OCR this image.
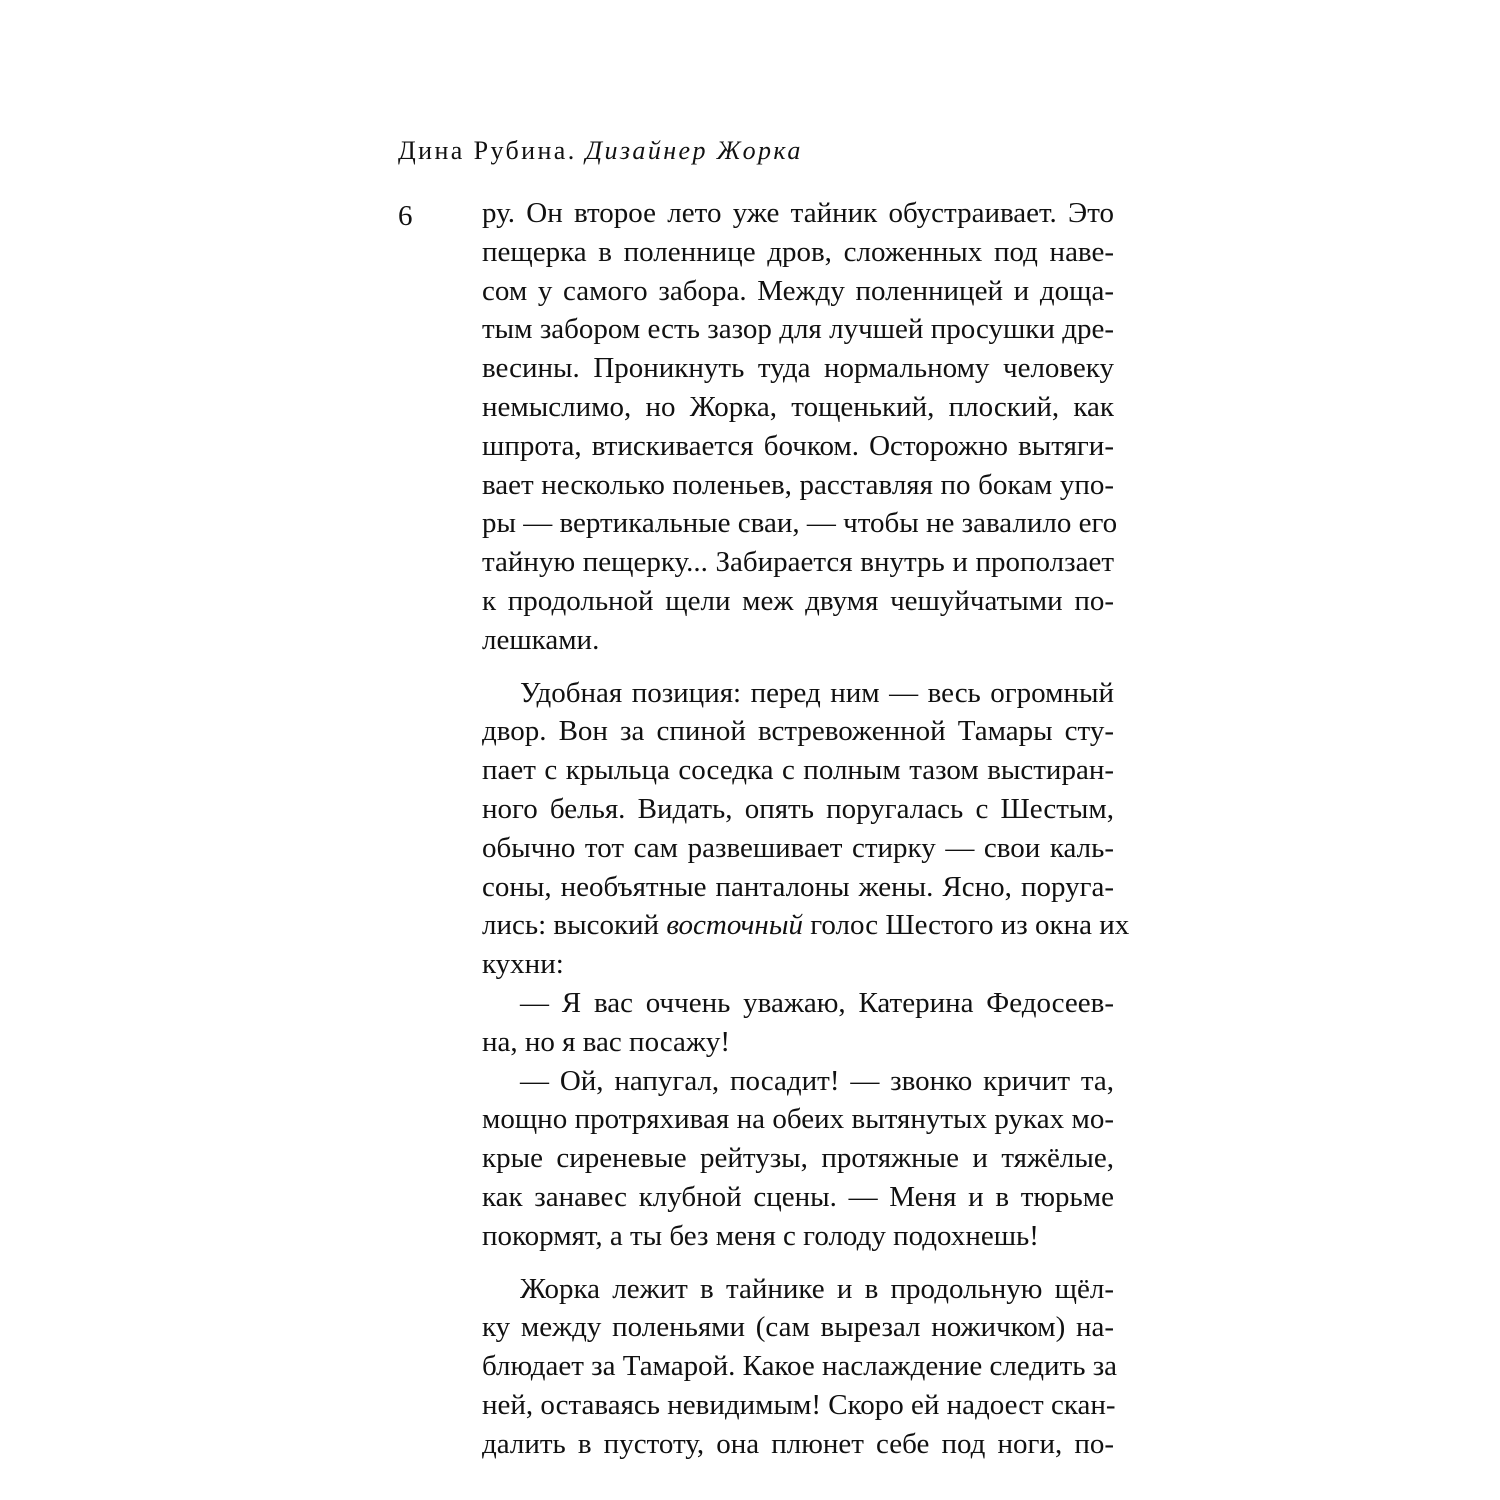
Дина Рубина. Дизайнер Жорка
6 ру. Он второе лето уже тайник обустраивает. Это
пещерка в поленнице дров, сложенных под наве-
сом у самого забора. Между поленницей и доща-
тым забором есть зазор для лучшей просушки дре-
весины. Проникнуть туда нормальному человеку
немыслимо, но Жорка, тощенький, плоский, как
шпрота, втискивается бочком. Осторожно вытяги-
вает несколько поленьев, расставляя по бокам упо-
ры — вертикальные сваи, — чтобы не завалило его
тайную пещерку... Забирается внутрь и проползает
к продольной щели меж двумя чешуйчатыми по-
лешками.
Удобная позиция: перед ним — весь огромный
двор. Вон за спиной встревоженной Тамары сту-
пает с крыльца соседка с полным тазом выстиран-
ного белья. Видать, опять поругалась с Шестым,
обычно тот сам развешивает стирку — свои каль-
соны, необъятные панталоны жены. Ясно, поруга-
лись: высокий восточный голос Шестого из окна их
кухни:
— Я вас оччень уважаю, Катерина Федосеев-
на, но я вас посажу!
— Ой, напугал, посадит! — звонко кричит та,
мощно протряхивая на обеих вытянутых руках мо-
крые сиреневые рейтузы, протяжные и тяжёлые,
как занавес клубной сцены. — Меня и в тюрьме
покормят, а ты без меня с голоду подохнешь!
Жорка лежит в тайнике и в продольную щёл-
ку между поленьями (сам вырезал ножичком) на-
блюдает за Тамарой. Какое наслаждение следить за
ней, оставаясь невидимым! Скоро ей надоест скан-
далить в пустоту, она плюнет себе под ноги, по-
